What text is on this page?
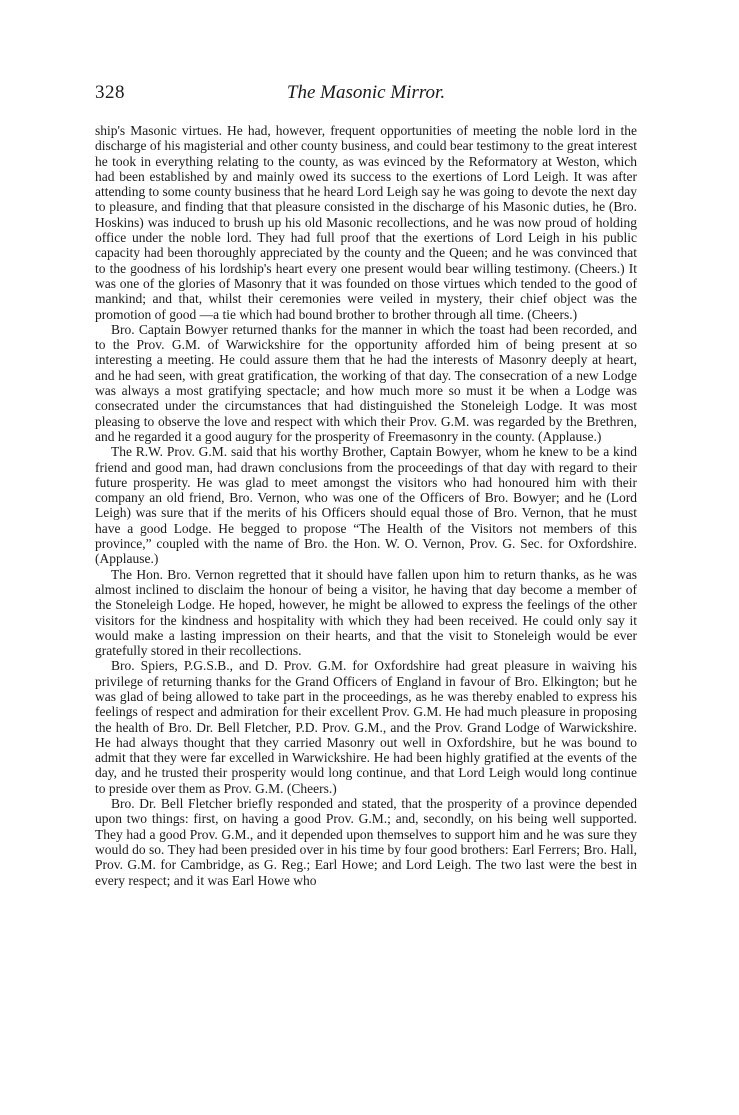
328	The Masonic Mirror.

ship's Masonic virtues. He had, however, frequent opportunities of meeting the noble lord in the discharge of his magisterial and other county business, and could bear testimony to the great interest he took in everything relating to the county, as was evinced by the Reformatory at Weston, which had been established by and mainly owed its success to the exertions of Lord Leigh. It was after attending to some county business that he heard Lord Leigh say he was going to devote the next day to pleasure, and finding that that pleasure consisted in the discharge of his Masonic duties, he (Bro. Hoskins) was induced to brush up his old Masonic recollections, and he was now proud of holding office under the noble lord. They had full proof that the exertions of Lord Leigh in his public capacity had been thoroughly appreciated by the county and the Queen; and he was convinced that to the goodness of his lordship's heart every one present would bear willing testimony. (Cheers.) It was one of the glories of Masonry that it was founded on those virtues which tended to the good of mankind; and that, whilst their ceremonies were veiled in mystery, their chief object was the promotion of good —a tie which had bound brother to brother through all time. (Cheers.)

Bro. Captain Bowyer returned thanks for the manner in which the toast had been recorded, and to the Prov. G.M. of Warwickshire for the opportunity afforded him of being present at so interesting a meeting. He could assure them that he had the interests of Masonry deeply at heart, and he had seen, with great gratification, the working of that day. The consecration of a new Lodge was always a most gratifying spectacle; and how much more so must it be when a Lodge was consecrated under the circumstances that had distinguished the Stoneleigh Lodge. It was most pleasing to observe the love and respect with which their Prov. G.M. was regarded by the Brethren, and he regarded it a good augury for the prosperity of Freemasonry in the county. (Applause.)

The R.W. Prov. G.M. said that his worthy Brother, Captain Bowyer, whom he knew to be a kind friend and good man, had drawn conclusions from the proceedings of that day with regard to their future prosperity. He was glad to meet amongst the visitors who had honoured him with their company an old friend, Bro. Vernon, who was one of the Officers of Bro. Bowyer; and he (Lord Leigh) was sure that if the merits of his Officers should equal those of Bro. Vernon, that he must have a good Lodge. He begged to propose “The Health of the Visitors not members of this province,” coupled with the name of Bro. the Hon. W. O. Vernon, Prov. G. Sec. for Oxfordshire. (Applause.)

The Hon. Bro. Vernon regretted that it should have fallen upon him to return thanks, as he was almost inclined to disclaim the honour of being a visitor, he having that day become a member of the Stoneleigh Lodge. He hoped, however, he might be allowed to express the feelings of the other visitors for the kindness and hospitality with which they had been received. He could only say it would make a lasting impression on their hearts, and that the visit to Stoneleigh would be ever gratefully stored in their recollections.

Bro. Spiers, P.G.S.B., and D. Prov. G.M. for Oxfordshire had great pleasure in waiving his privilege of returning thanks for the Grand Officers of England in favour of Bro. Elkington; but he was glad of being allowed to take part in the proceedings, as he was thereby enabled to express his feelings of respect and admiration for their excellent Prov. G.M. He had much pleasure in proposing the health of Bro. Dr. Bell Fletcher, P.D. Prov. G.M., and the Prov. Grand Lodge of Warwickshire. He had always thought that they carried Masonry out well in Oxfordshire, but he was bound to admit that they were far excelled in Warwickshire. He had been highly gratified at the events of the day, and he trusted their prosperity would long continue, and that Lord Leigh would long continue to preside over them as Prov. G.M. (Cheers.)

Bro. Dr. Bell Fletcher briefly responded and stated, that the prosperity of a province depended upon two things: first, on having a good Prov. G.M.; and, secondly, on his being well supported. They had a good Prov. G.M., and it depended upon themselves to support him and he was sure they would do so. They had been presided over in his time by four good brothers: Earl Ferrers; Bro. Hall, Prov. G.M. for Cambridge, as G. Reg.; Earl Howe; and Lord Leigh. The two last were the best in every respect; and it was Earl Howe who
